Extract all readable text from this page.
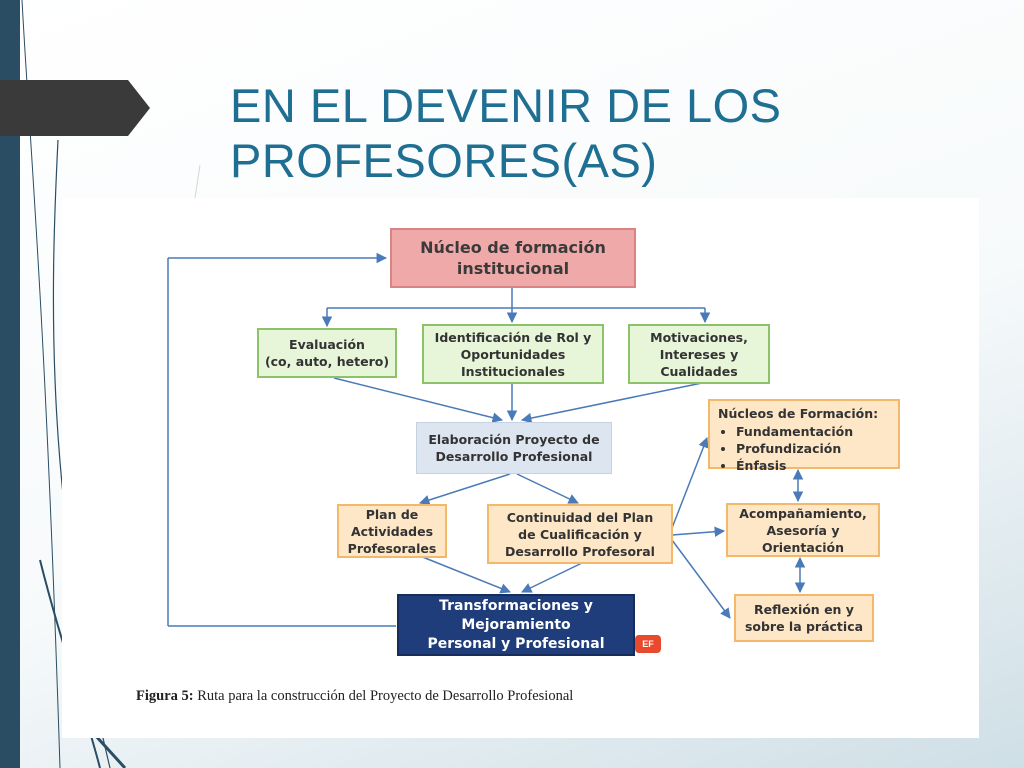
EN EL DEVENIR DE LOS
PROFESORES(AS)
Núcleo de formación
institucional
Evaluación
(co, auto, hetero)
Identificación de Rol y
Oportunidades
Institucionales
Motivaciones,
Intereses y
Cualidades
Elaboración Proyecto de
Desarrollo Profesional
Plan de
Actividades
Profesorales
Continuidad del Plan
de Cualificación y
Desarrollo Profesoral
Transformaciones y
Mejoramiento
Personal y Profesional	EF
Núcleos de Formación:
• Fundamentación
• Profundización
• Énfasis
Acompañamiento,
Asesoría y
Orientación
Reflexión en y
sobre la práctica
Figura 5: Ruta para la construcción del Proyecto de Desarrollo Profesional
